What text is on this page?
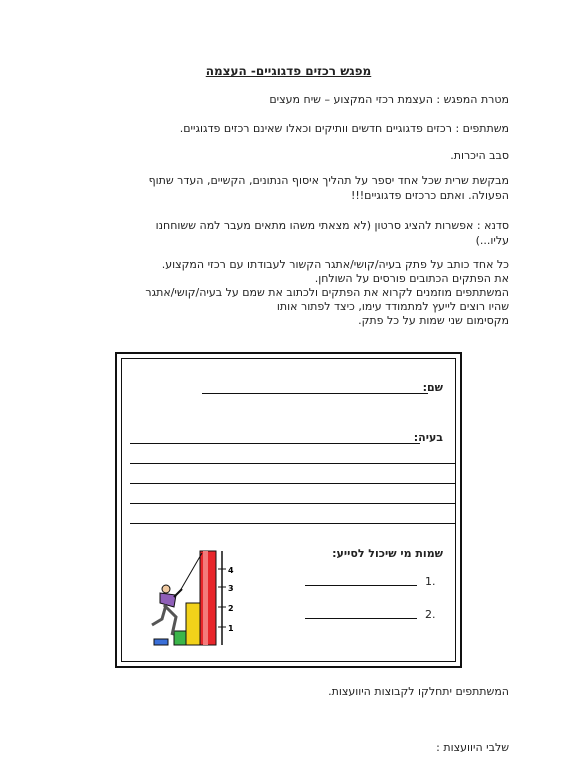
מפגש רכזים פדגוגיים- העצמה

מטרת המפגש : העצמת רכזי המקצוע – שיח מעצים

משתתפים : רכזים פדגוגיים חדשים וותיקים וכאלו שאינם רכזים פדגוגיים.

סבב היכרות.

מבקשת שרית שכל אחד יספר על תהליך איסוף הנתונים, הקשיים, העדר שתוף

הפעולה. ואתם כרכזים פדגוגיים!!!

סדנא : אפשרות להציג סרטון (לא מצאתי משהו מתאים מעבר למה ששוחחנו

עליו...)

כל אחד כותב על פתק בעיה/קושי/אתגר הקשור לעבודתו עם רכזי המקצוע.

את הפתקים הכתובים פורסים על השולחן.

המשתתפים מוזמנים לקרוא את הפתקים ולכתוב את שמם על בעיה/קושי/אתגר

שהיו רוצים לייעץ למתמודד עימו, כיצד לפתור אותו

מקסימום שני שמות על כל פתק.

שם:
בעיה:
שמות מי שיכול לסייע:
1.
2.
4
3
2
1

המשתתפים יתחלקו לקבוצות היוועצות.

שלבי היוועצות :
